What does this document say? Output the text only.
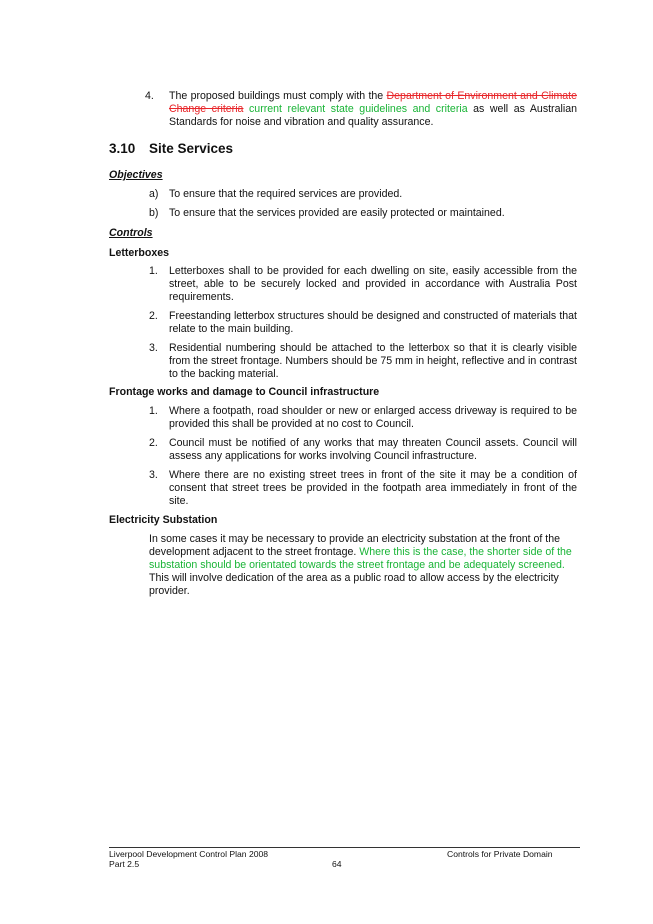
4.	The proposed buildings must comply with the Department of Environment and Climate Change criteria current relevant state guidelines and criteria as well as Australian Standards for noise and vibration and quality assurance.
3.10 Site Services
Objectives
a) To ensure that the required services are provided.
b) To ensure that the services provided are easily protected or maintained.
Controls
Letterboxes
1.	Letterboxes shall to be provided for each dwelling on site, easily accessible from the street, able to be securely locked and provided in accordance with Australia Post requirements.
2.	Freestanding letterbox structures should be designed and constructed of materials that relate to the main building.
3.	Residential numbering should be attached to the letterbox so that it is clearly visible from the street frontage. Numbers should be 75 mm in height, reflective and in contrast to the backing material.
Frontage works and damage to Council infrastructure
1.	Where a footpath, road shoulder or new or enlarged access driveway is required to be provided this shall be provided at no cost to Council.
2.	Council must be notified of any works that may threaten Council assets. Council will assess any applications for works involving Council infrastructure.
3.	Where there are no existing street trees in front of the site it may be a condition of consent that street trees be provided in the footpath area immediately in front of the site.
Electricity Substation
In some cases it may be necessary to provide an electricity substation at the front of the development adjacent to the street frontage. Where this is the case, the shorter side of the substation should be orientated towards the street frontage and be adequately screened. This will involve dedication of the area as a public road to allow access by the electricity provider.
Liverpool Development Control Plan 2008
Part 2.5	64
Controls for Private Domain
